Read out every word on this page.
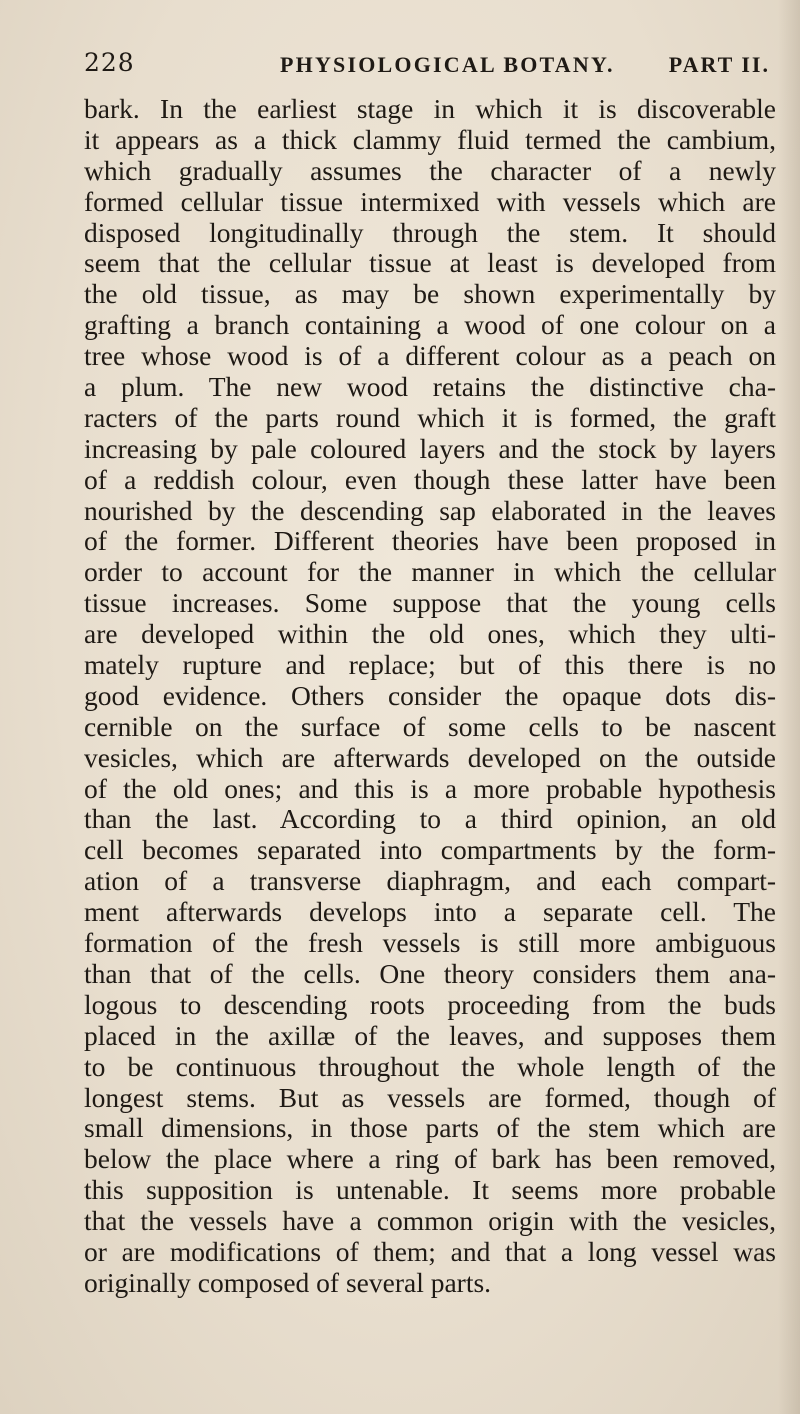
228	PHYSIOLOGICAL BOTANY. PART II.
bark. In the earliest stage in which it is discoverable
it appears as a thick clammy fluid termed the cambium,
which gradually assumes the character of a newly
formed cellular tissue intermixed with vessels which are
disposed longitudinally through the stem. It should
seem that the cellular tissue at least is developed from
the old tissue, as may be shown experimentally by
grafting a branch containing a wood of one colour on a
tree whose wood is of a different colour as a peach on
a plum. The new wood retains the distinctive cha-
racters of the parts round which it is formed, the graft
increasing by pale coloured layers and the stock by layers
of a reddish colour, even though these latter have been
nourished by the descending sap elaborated in the leaves
of the former. Different theories have been proposed in
order to account for the manner in which the cellular
tissue increases. Some suppose that the young cells
are developed within the old ones, which they ulti-
mately rupture and replace; but of this there is no
good evidence. Others consider the opaque dots dis-
cernible on the surface of some cells to be nascent
vesicles, which are afterwards developed on the outside
of the old ones; and this is a more probable hypothesis
than the last. According to a third opinion, an old
cell becomes separated into compartments by the form-
ation of a transverse diaphragm, and each compart-
ment afterwards develops into a separate cell. The
formation of the fresh vessels is still more ambiguous
than that of the cells. One theory considers them ana-
logous to descending roots proceeding from the buds
placed in the axillæ of the leaves, and supposes them
to be continuous throughout the whole length of the
longest stems. But as vessels are formed, though of
small dimensions, in those parts of the stem which are
below the place where a ring of bark has been removed,
this supposition is untenable. It seems more probable
that the vessels have a common origin with the vesicles,
or are modifications of them; and that a long vessel was
originally composed of several parts.
